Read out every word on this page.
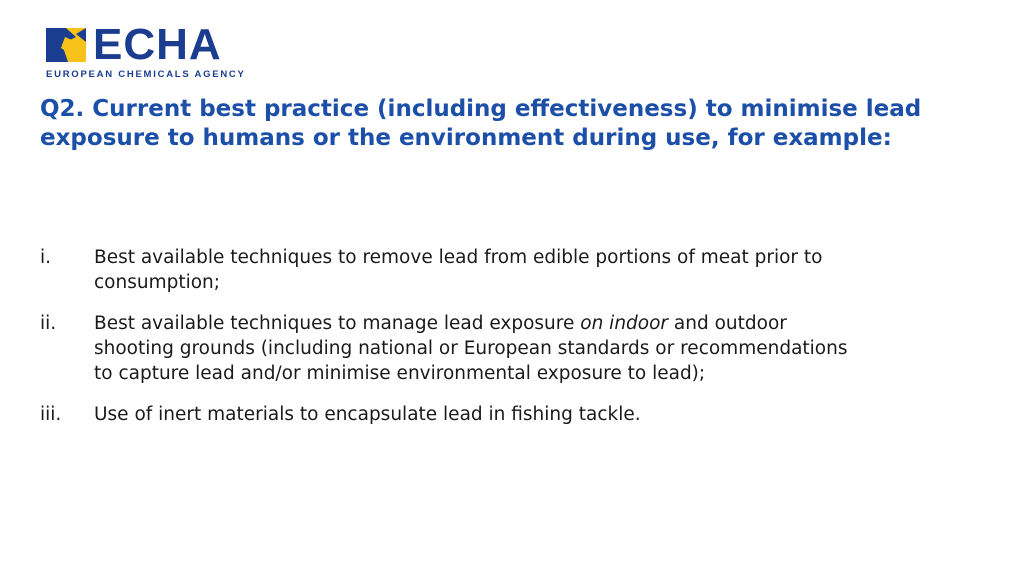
ECHA
EUROPEAN CHEMICALS AGENCY
Q2. Current best practice (including effectiveness) to minimise lead exposure to humans or the environment during use, for example:
i. Best available techniques to remove lead from edible portions of meat prior to consumption;
ii. Best available techniques to manage lead exposure on indoor and outdoor shooting grounds (including national or European standards or recommendations to capture lead and/or minimise environmental exposure to lead);
iii. Use of inert materials to encapsulate lead in fishing tackle.
